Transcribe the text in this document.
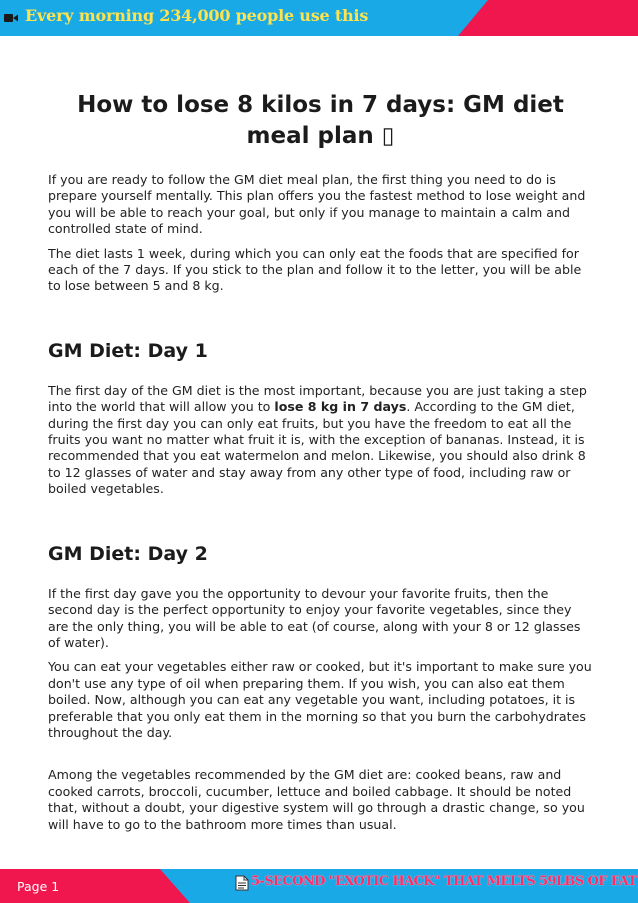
Every morning 234,000 people use this
How to lose 8 kilos in 7 days: GM diet meal plan ▯

If you are ready to follow the GM diet meal plan, the first thing you need to do is prepare yourself mentally. This plan offers you the fastest method to lose weight and you will be able to reach your goal, but only if you manage to maintain a calm and controlled state of mind.

The diet lasts 1 week, during which you can only eat the foods that are specified for each of the 7 days. If you stick to the plan and follow it to the letter, you will be able to lose between 5 and 8 kg.

GM Diet: Day 1

The first day of the GM diet is the most important, because you are just taking a step into the world that will allow you to lose 8 kg in 7 days. According to the GM diet, during the first day you can only eat fruits, but you have the freedom to eat all the fruits you want no matter what fruit it is, with the exception of bananas. Instead, it is recommended that you eat watermelon and melon. Likewise, you should also drink 8 to 12 glasses of water and stay away from any other type of food, including raw or boiled vegetables.

GM Diet: Day 2

If the first day gave you the opportunity to devour your favorite fruits, then the second day is the perfect opportunity to enjoy your favorite vegetables, since they are the only thing, you will be able to eat (of course, along with your 8 or 12 glasses of water).

You can eat your vegetables either raw or cooked, but it's important to make sure you don't use any type of oil when preparing them. If you wish, you can also eat them boiled. Now, although you can eat any vegetable you want, including potatoes, it is preferable that you only eat them in the morning so that you burn the carbohydrates throughout the day.

Among the vegetables recommended by the GM diet are: cooked beans, raw and cooked carrots, broccoli, cucumber, lettuce and boiled cabbage. It should be noted that, without a doubt, your digestive system will go through a drastic change, so you will have to go to the bathroom more times than usual.

Page 1	5-SECOND "EXOTIC HACK" THAT MELTS 59LBS OF FAT
